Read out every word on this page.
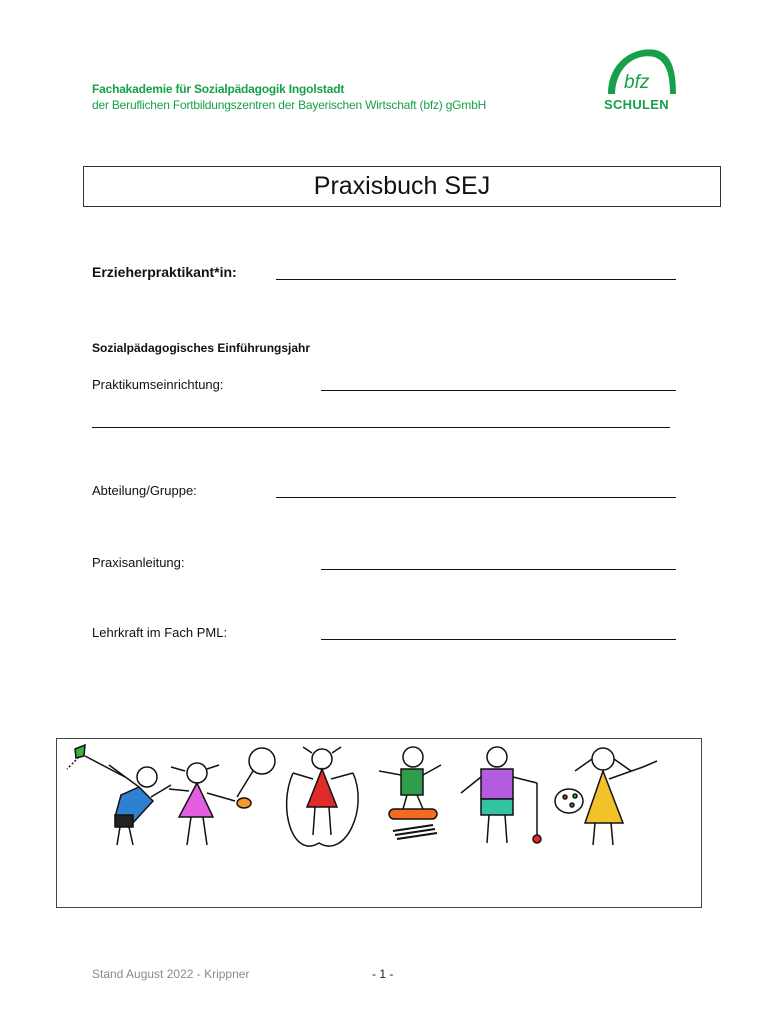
Fachakademie für Sozialpädagogik Ingolstadt
der Beruflichen Fortbildungszentren der Bayerischen Wirtschaft (bfz) gGmbH
bfz
SCHULEN
Praxisbuch SEJ
Erzieherpraktikant*in:
Sozialpädagogisches Einführungsjahr
Praktikumseinrichtung:
Abteilung/Gruppe:
Praxisanleitung:
Lehrkraft im Fach PML:
Stand August 2022 - Krippner	- 1 -
